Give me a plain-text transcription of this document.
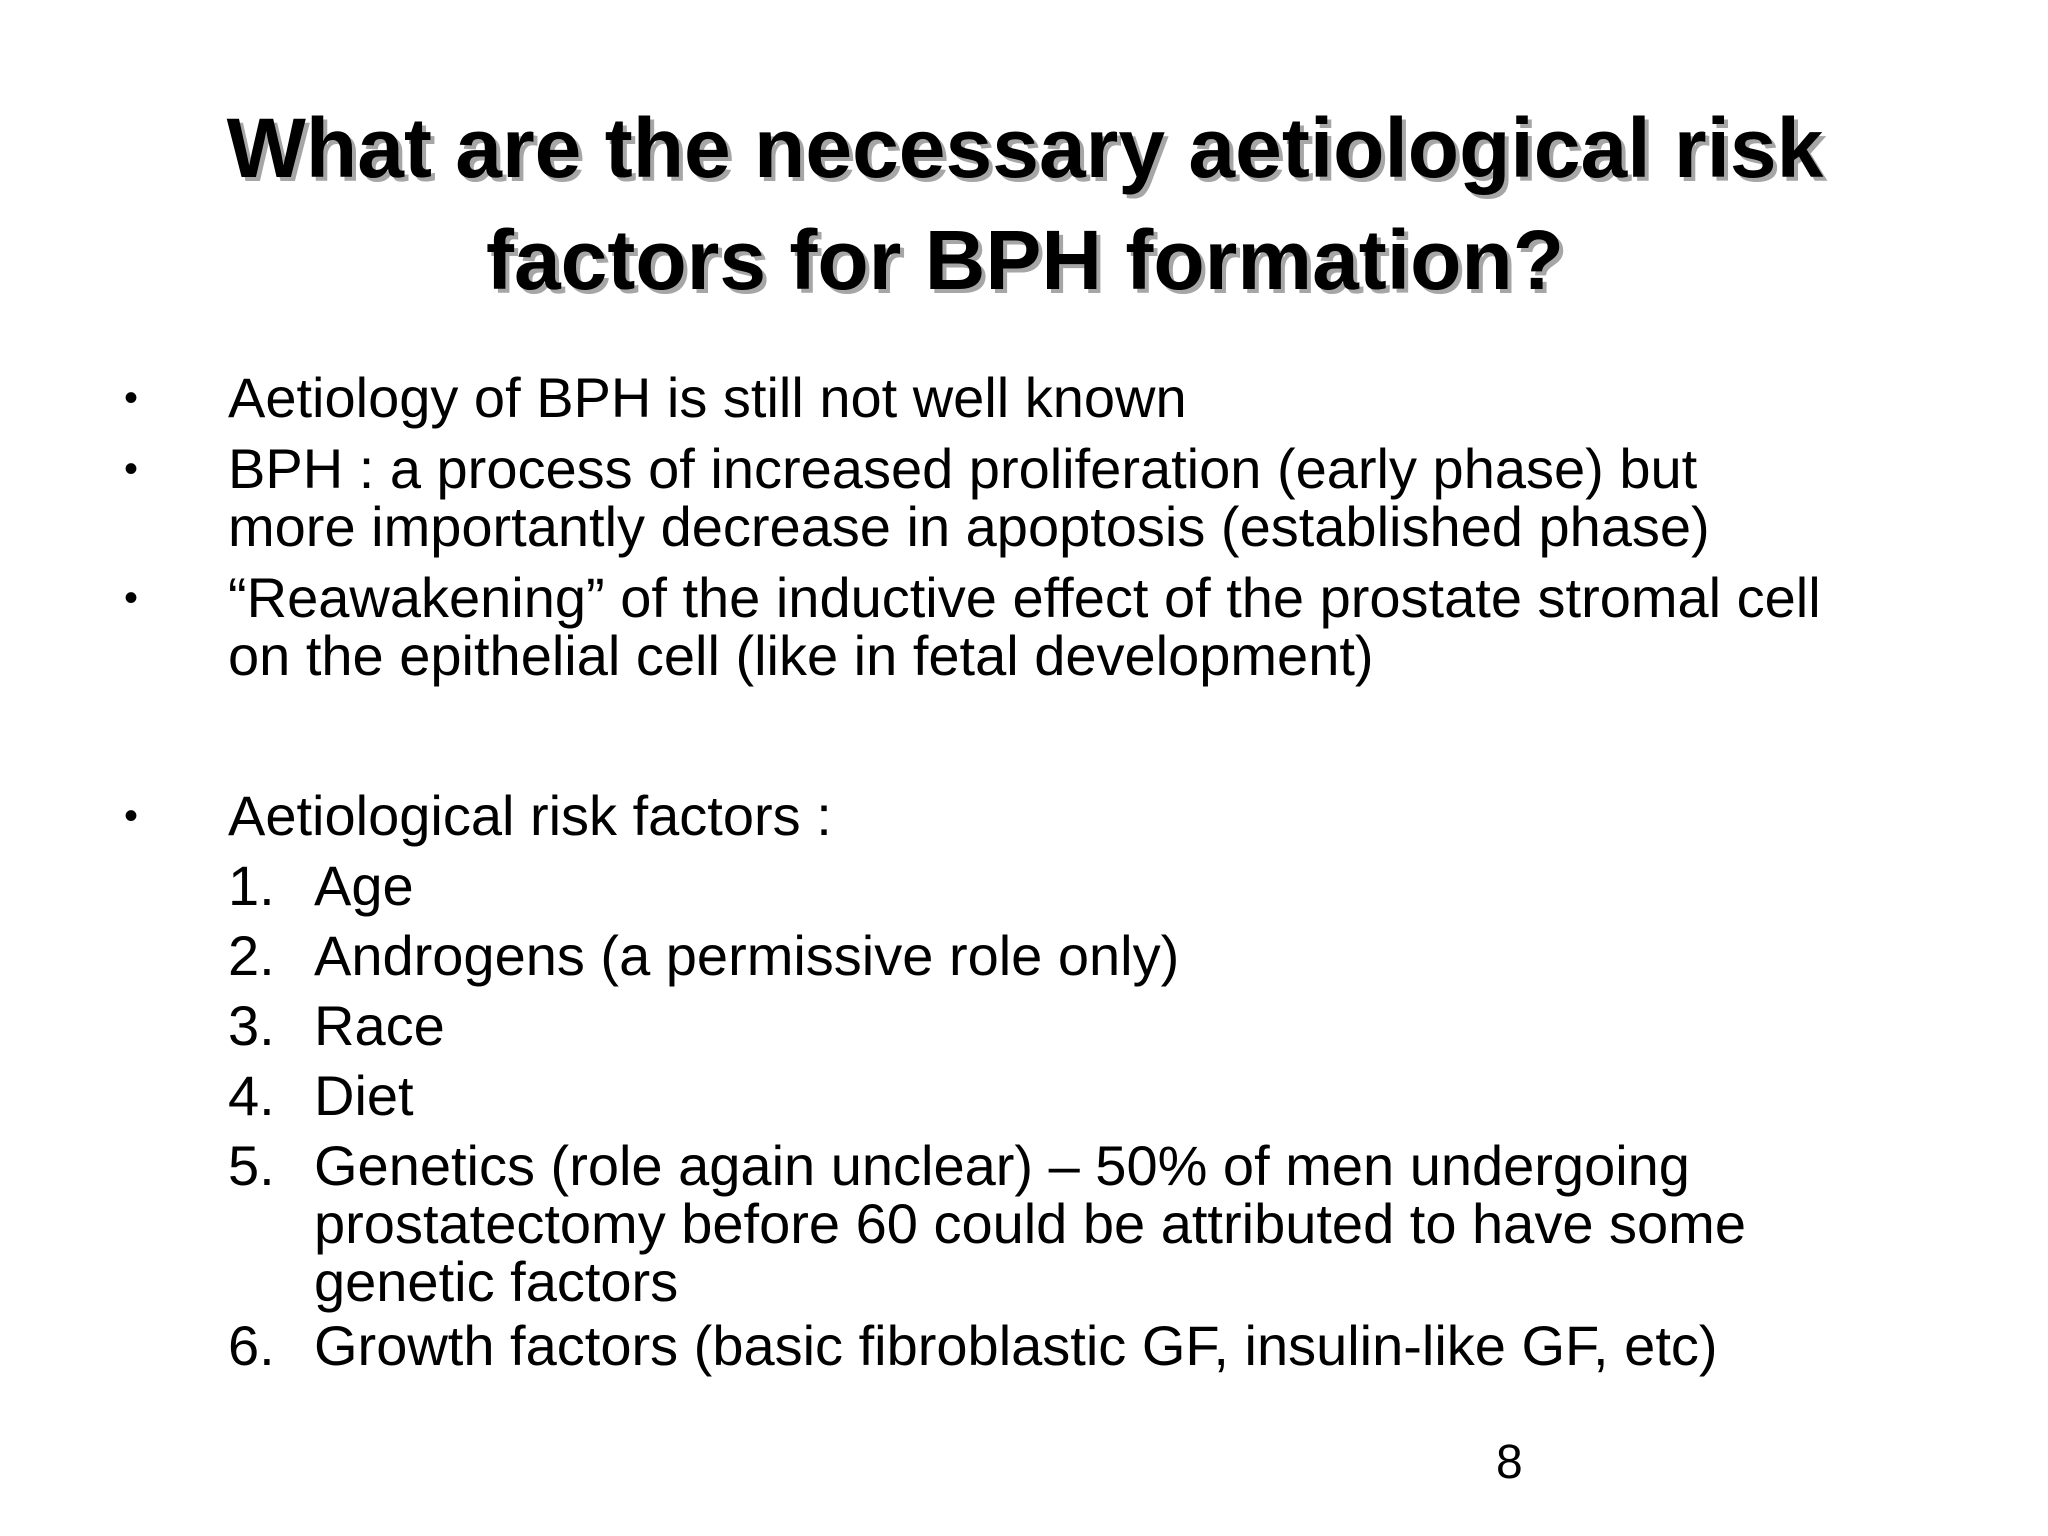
What are the necessary aetiological risk
factors for BPH formation?
• Aetiology of BPH is still not well known
• BPH : a process of increased proliferation (early phase) but
more importantly decrease in apoptosis (established phase)
• “Reawakening” of the inductive effect of the prostate stromal cell
on the epithelial cell (like in fetal development)
• Aetiological risk factors :
1. Age
2. Androgens (a permissive role only)
3. Race
4. Diet
5. Genetics (role again unclear) – 50% of men undergoing
prostatectomy before 60 could be attributed to have some
genetic factors
6. Growth factors (basic fibroblastic GF, insulin-like GF, etc)
8
